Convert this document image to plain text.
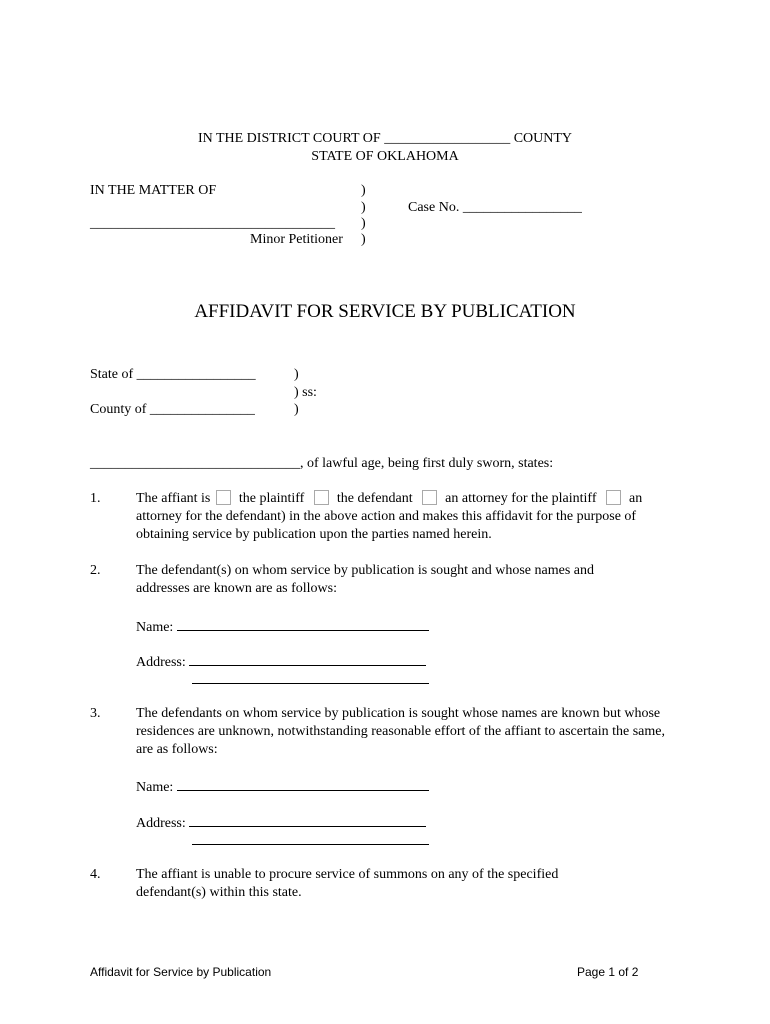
IN THE DISTRICT COURT OF __________________ COUNTY
STATE OF OKLAHOMA
IN THE MATTER OF	)
)	Case No. _________________
___________________________________ )
Minor Petitioner )
AFFIDAVIT FOR SERVICE BY PUBLICATION
State of _________________	)
) ss:
County of _______________	)
______________________________, of lawful age, being first duly sworn, states:
1.	The affiant is the plaintiff the defendant an attorney for the plaintiff an
attorney for the defendant) in the above action and makes this affidavit for the purpose of obtaining service by publication upon the parties named herein.
2.	The defendant(s) on whom service by publication is sought and whose names and addresses are known are as follows:
Name:
Address:
3.	The defendants on whom service by publication is sought whose names are known but whose residences are unknown, notwithstanding reasonable effort of the affiant to ascertain the same, are as follows:
Name:
Address:
4.	The affiant is unable to procure service of summons on any of the specified defendant(s) within this state.
Affidavit for Service by Publication	Page 1 of 2
